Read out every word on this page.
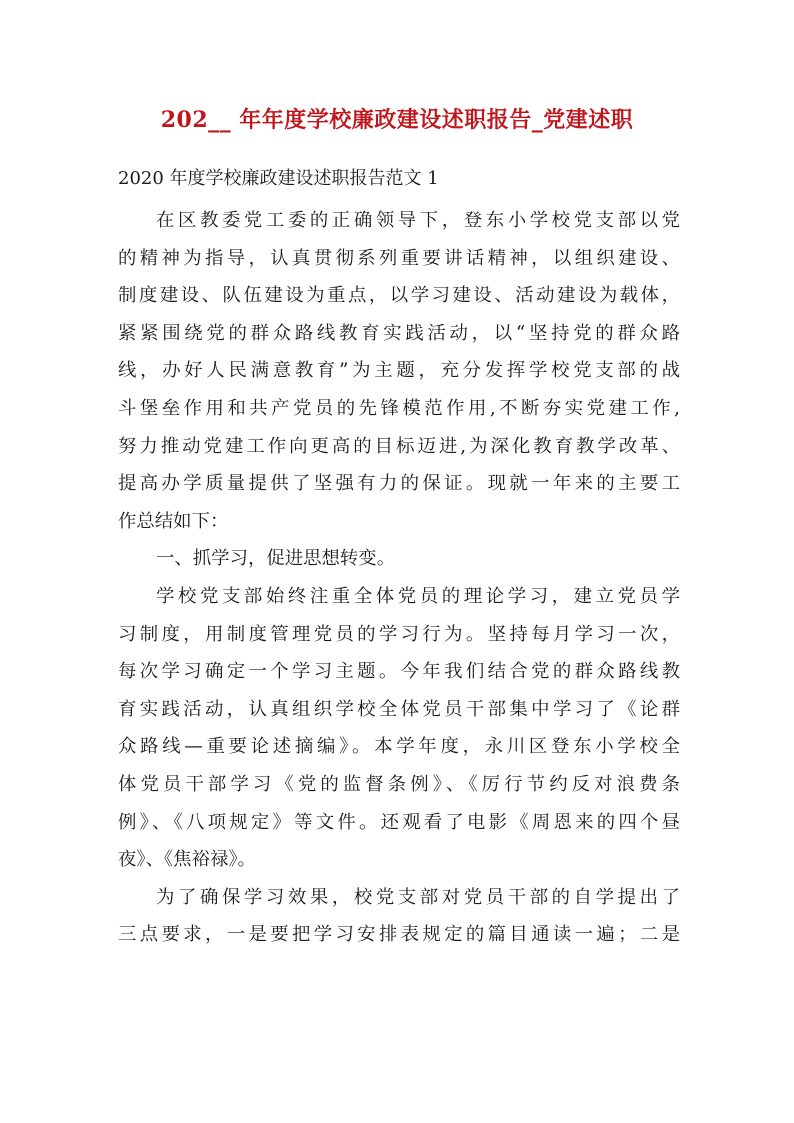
202__ 年年度学校廉政建设述职报告_党建述职
2020 年度学校廉政建设述职报告范文 1
在区教委党工委的正确领导下，登东小学校党支部以党
的精神为指导，认真贯彻系列重要讲话精神，以组织建设、
制度建设、队伍建设为重点，以学习建设、活动建设为载体，
紧紧围绕党的群众路线教育实践活动，以“坚持党的群众路
线，办好人民满意教育”为主题，充分发挥学校党支部的战
斗堡垒作用和共产党员的先锋模范作用,不断夯实党建工作,
努力推动党建工作向更高的目标迈进,为深化教育教学改革、
提高办学质量提供了坚强有力的保证。现就一年来的主要工
作总结如下：
一、抓学习，促进思想转变。
学校党支部始终注重全体党员的理论学习，建立党员学
习制度，用制度管理党员的学习行为。坚持每月学习一次，
每次学习确定一个学习主题。今年我们结合党的群众路线教
育实践活动，认真组织学校全体党员干部集中学习了《论群
众路线—重要论述摘编》。本学年度，永川区登东小学校全
体党员干部学习《党的监督条例》、《厉行节约反对浪费条
例》、《八项规定》等文件。还观看了电影《周恩来的四个昼
夜》、《焦裕禄》。
为了确保学习效果，校党支部对党员干部的自学提出了
三点要求，一是要把学习安排表规定的篇目通读一遍；二是
